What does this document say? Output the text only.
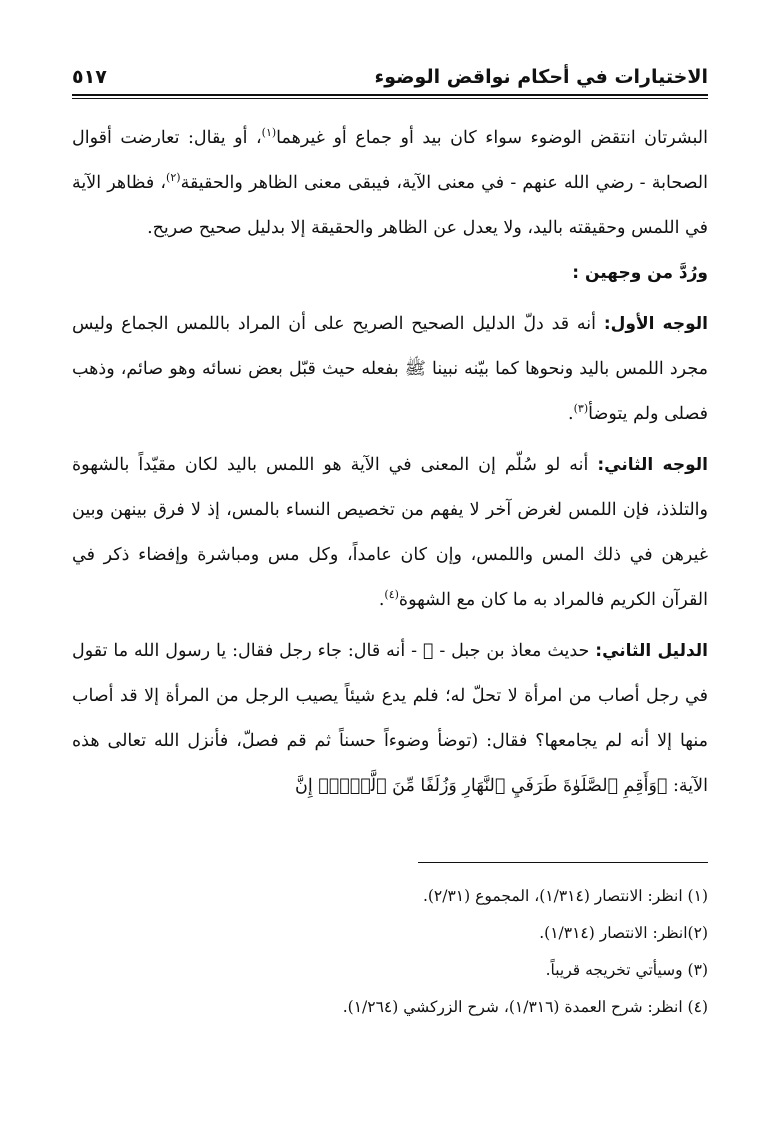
الاختيارات في أحكام نواقض الوضوء
٥١٧

البشرتان انتقض الوضوء سواء كان بيد أو جماع أو غيرهما$^{(١)}$، أو يقال: تعارضت أقوال الصحابة - رضي الله عنهم - في معنى الآية، فيبقى معنى الظاهر والحقيقة$^{(٢)}$، فظاهر الآية في اللمس وحقيقته باليد، ولا يعدل عن الظاهر والحقيقة إلا بدليل صحيح صريح.

ورُدَّ من وجهين :

الوجه الأول: أنه قد دلّ الدليل الصحيح الصريح على أن المراد باللمس الجماع وليس مجرد اللمس باليد ونحوها كما بيّنه نبينا ﷺ بفعله حيث قبّل بعض نسائه وهو صائم، وذهب فصلى ولم يتوضأ$^{(٣)}$.

الوجه الثاني: أنه لو سُلّم إن المعنى في الآية هو اللمس باليد لكان مقيّداً بالشهوة والتلذذ، فإن اللمس لغرض آخر لا يفهم من تخصيص النساء بالمس، إذ لا فرق بينهن وبين غيرهن في ذلك المس واللمس، وإن كان عامداً، وكل مس ومباشرة وإفضاء ذكر في القرآن الكريم فالمراد به ما كان مع الشهوة$^{(٤)}$.

الدليل الثاني: حديث معاذ بن جبل - ﷺ - أنه قال: جاء رجل فقال: يا رسول الله ما تقول في رجل أصاب من امرأة لا تحلّ له؛ فلم يدع شيئاً يصيب الرجل من المرأة إلا قد أصاب منها إلا أنه لم يجامعها؟ فقال: (توضأ وضوءاً حسناً ثم قم فصلّ، فأنزل الله تعالى هذه الآية: ﴿وَأَقِمِ ٱلصَّلَوٰةَ طَرَفَيِ ٱلنَّهَارِ وَزُلَفًا مِّنَ ٱلَّيۡلِۚ إِنَّ

(١) انظر: الانتصار (١/٣١٤)، المجموع (٢/٣١).

(٢)انظر: الانتصار (١/٣١٤).

(٣) وسيأتي تخريجه قريباً.

(٤) انظر: شرح العمدة (١/٣١٦)، شرح الزركشي (١/٢٦٤).
